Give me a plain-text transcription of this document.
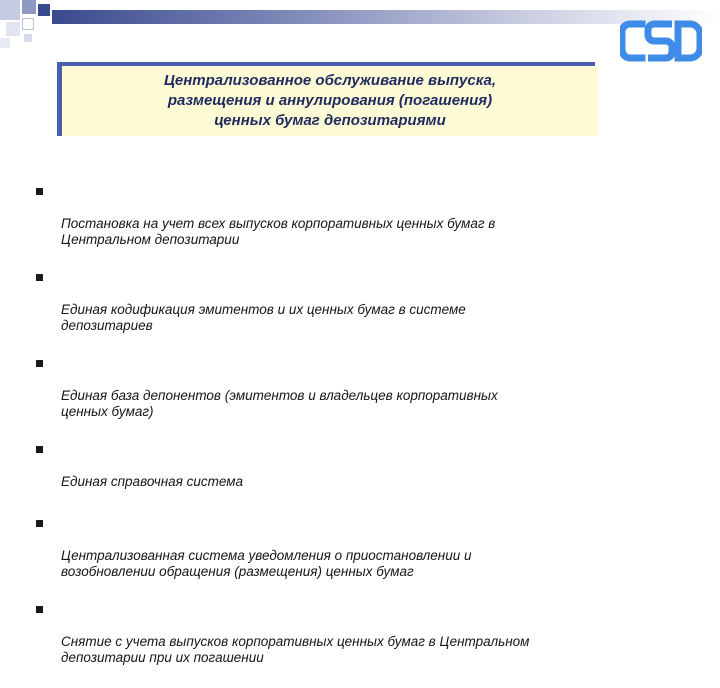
Централизованное обслуживание выпуска,
размещения и аннулирования (погашения)
ценных бумаг депозитариями

Постановка на учет всех выпусков корпоративных ценных бумаг в
Центральном депозитарии

Единая кодификация эмитентов и их ценных бумаг в системе
депозитариев

Единая база депонентов (эмитентов и владельцев корпоративных
ценных бумаг)

Единая справочная система

Централизованная система уведомления о приостановлении и
возобновлении обращения (размещения) ценных бумаг

Снятие с учета выпусков корпоративных ценных бумаг в Центральном
депозитарии при их погашении
